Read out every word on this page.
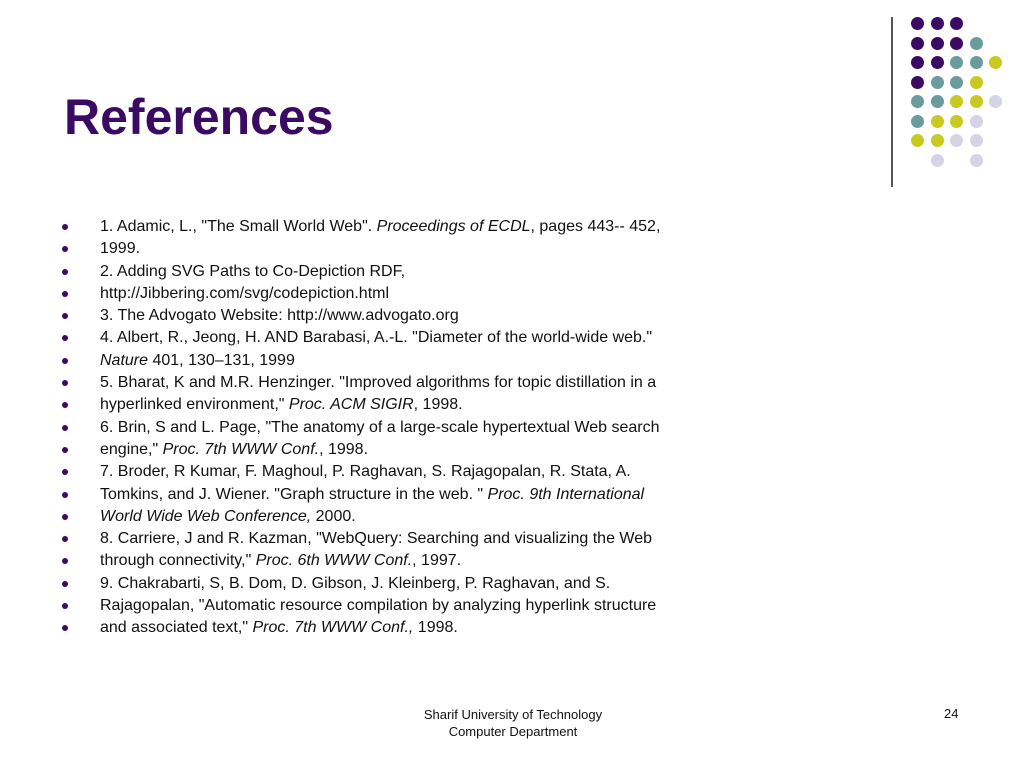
References
1. Adamic, L., "The Small World Web". Proceedings of ECDL, pages 443-- 452,
1999.
2. Adding SVG Paths to Co-Depiction RDF,
http://Jibbering.com/svg/codepiction.html
3. The Advogato Website: http://www.advogato.org
4. Albert, R., Jeong, H. AND Barabasi, A.-L. "Diameter of the world-wide web."
Nature 401, 130–131, 1999
5. Bharat, K and M.R. Henzinger. "Improved algorithms for topic distillation in a
hyperlinked environment," Proc. ACM SIGIR, 1998.
6. Brin, S and L. Page, "The anatomy of a large-scale hypertextual Web search
engine," Proc. 7th WWW Conf., 1998.
7. Broder, R Kumar, F. Maghoul, P. Raghavan, S. Rajagopalan, R. Stata, A.
Tomkins, and J. Wiener. "Graph structure in the web. " Proc. 9th International
World Wide Web Conference, 2000.
8. Carriere, J and R. Kazman, "WebQuery: Searching and visualizing the Web
through connectivity," Proc. 6th WWW Conf., 1997.
9. Chakrabarti, S, B. Dom, D. Gibson, J. Kleinberg, P. Raghavan, and S.
Rajagopalan, "Automatic resource compilation by analyzing hyperlink structure
and associated text," Proc. 7th WWW Conf., 1998.
Sharif University of Technology
Computer Department
24
